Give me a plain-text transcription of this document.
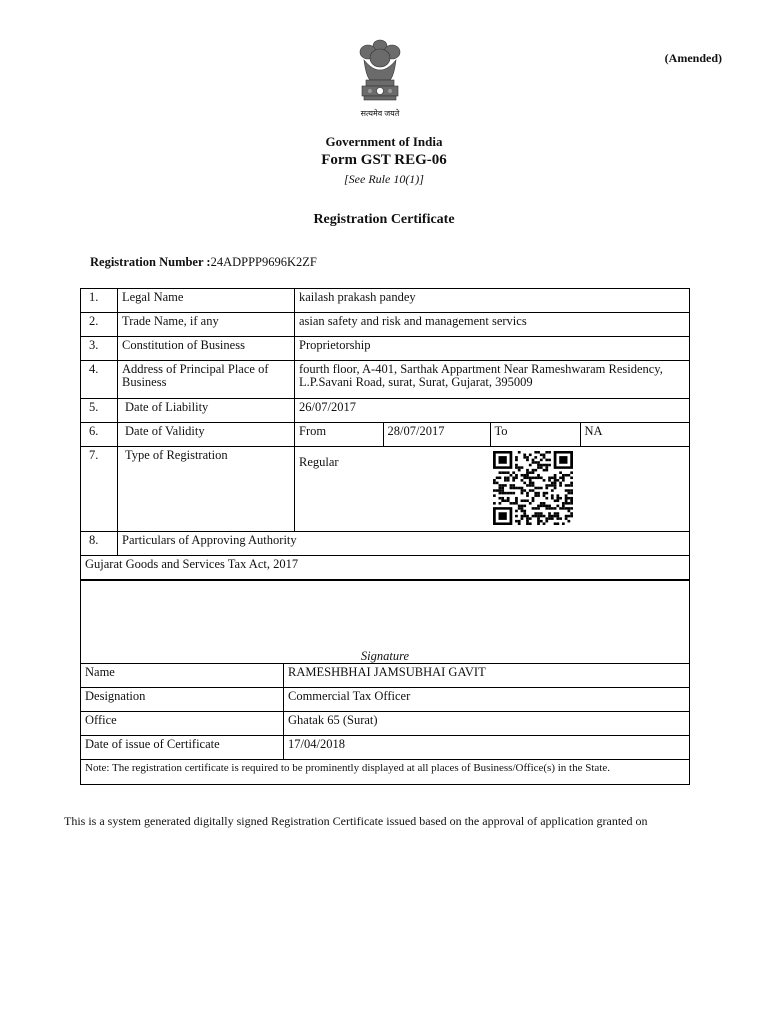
(Amended)
सत्यमेव जयते
Government of India
Form GST REG-06
[See Rule 10(1)]
Registration Certificate
Registration Number :24ADPPP9696K2ZF
1.	Legal Name	kailash prakash pandey
2.	Trade Name, if any	asian safety and risk and management servics
3.	Constitution of Business	Proprietorship
4.	Address of Principal Place of Business	fourth floor, A-401, Sarthak Appartment Near Rameshwaram Residency, L.P.Savani Road, surat, Surat, Gujarat, 395009
5.	Date of Liability	26/07/2017
6.	Date of Validity		From	28/07/2017	To	NA

7.	Type of Registration	Regular

8.	Particulars of Approving Authority
Gujarat Goods and Services Tax Act, 2017
Signature	
Name	RAMESHBHAI JAMSUBHAI GAVIT
Designation	Commercial Tax Officer
Office	Ghatak 65 (Surat)
Date of issue of Certificate	17/04/2018
Note: The registration certificate is required to be prominently displayed at all places of Business/Office(s) in the State.	
This is a system generated digitally signed Registration Certificate issued based on the approval of application granted on
